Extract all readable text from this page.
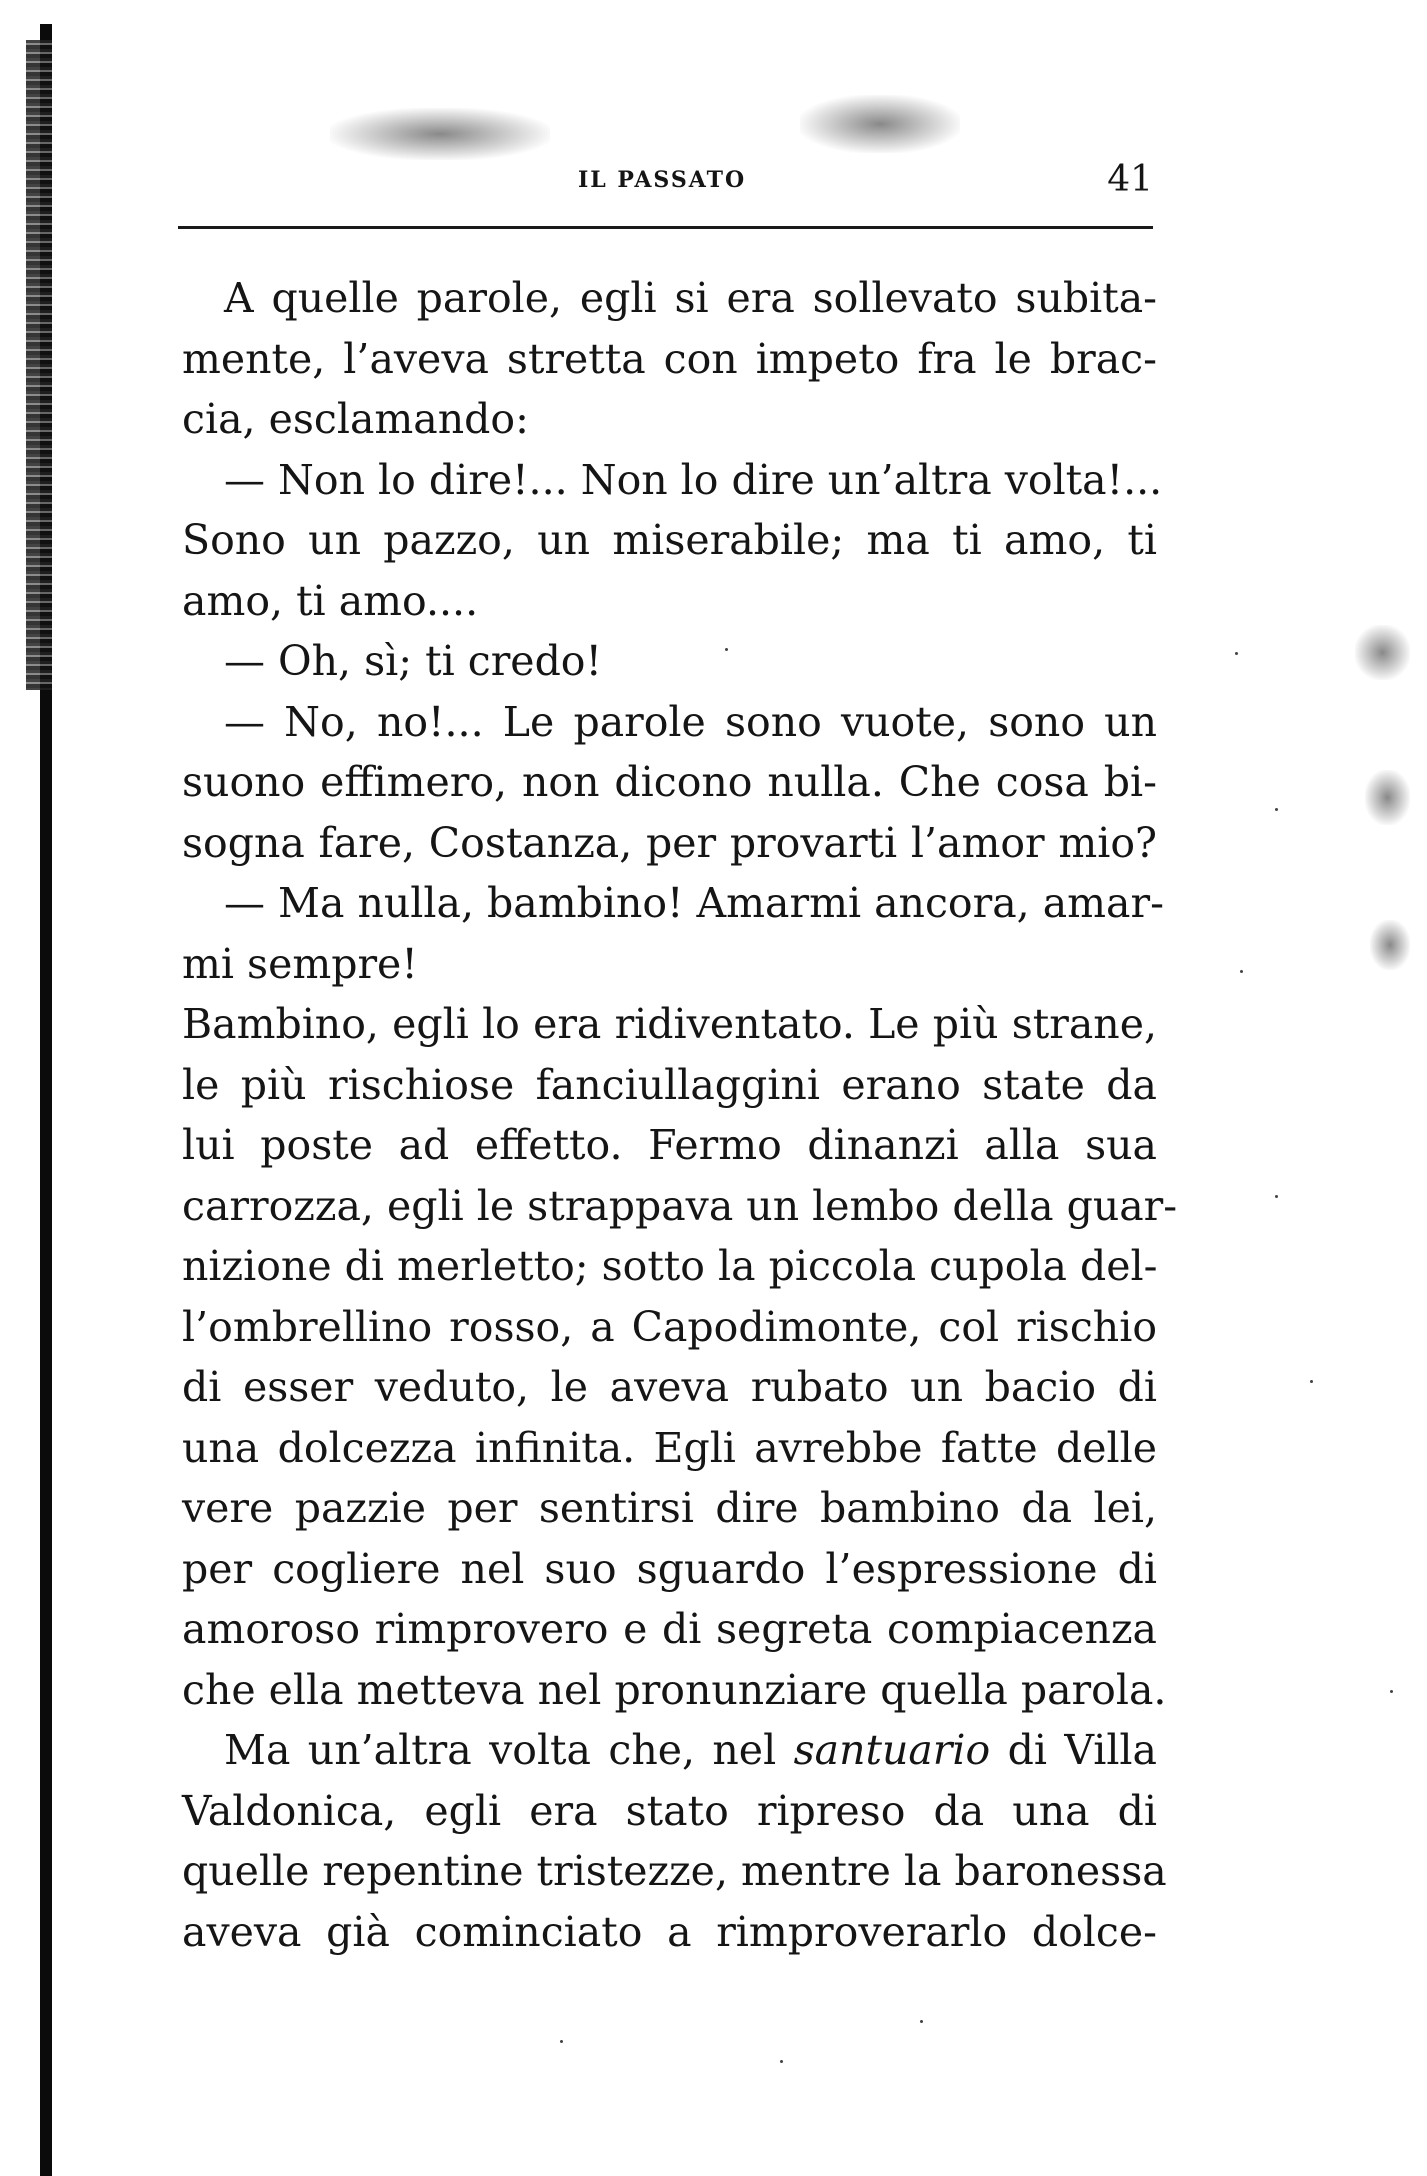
IL PASSATO	41
A quelle parole, egli si era sollevato subita-
mente, l’aveva stretta con impeto fra le brac-
cia, esclamando:
— Non lo dire!... Non lo dire un’altra volta!...
Sono un pazzo, un miserabile; ma ti amo, ti
amo, ti amo....
— Oh, sì; ti credo!
— No, no!... Le parole sono vuote, sono un
suono effimero, non dicono nulla. Che cosa bi-
sogna fare, Costanza, per provarti l’amor mio?
— Ma nulla, bambino! Amarmi ancora, amar-
mi sempre!
Bambino, egli lo era ridiventato. Le più strane,
le più rischiose fanciullaggini erano state da
lui poste ad effetto. Fermo dinanzi alla sua
carrozza, egli le strappava un lembo della guar-
nizione di merletto; sotto la piccola cupola del-
l’ombrellino rosso, a Capodimonte, col rischio
di esser veduto, le aveva rubato un bacio di
una dolcezza infinita. Egli avrebbe fatte delle
vere pazzie per sentirsi dire bambino da lei,
per cogliere nel suo sguardo l’espressione di
amoroso rimprovero e di segreta compiacenza
che ella metteva nel pronunziare quella parola.
Ma un’altra volta che, nel santuario di Villa
Valdonica, egli era stato ripreso da una di
quelle repentine tristezze, mentre la baronessa
aveva già cominciato a rimproverarlo dolce-
